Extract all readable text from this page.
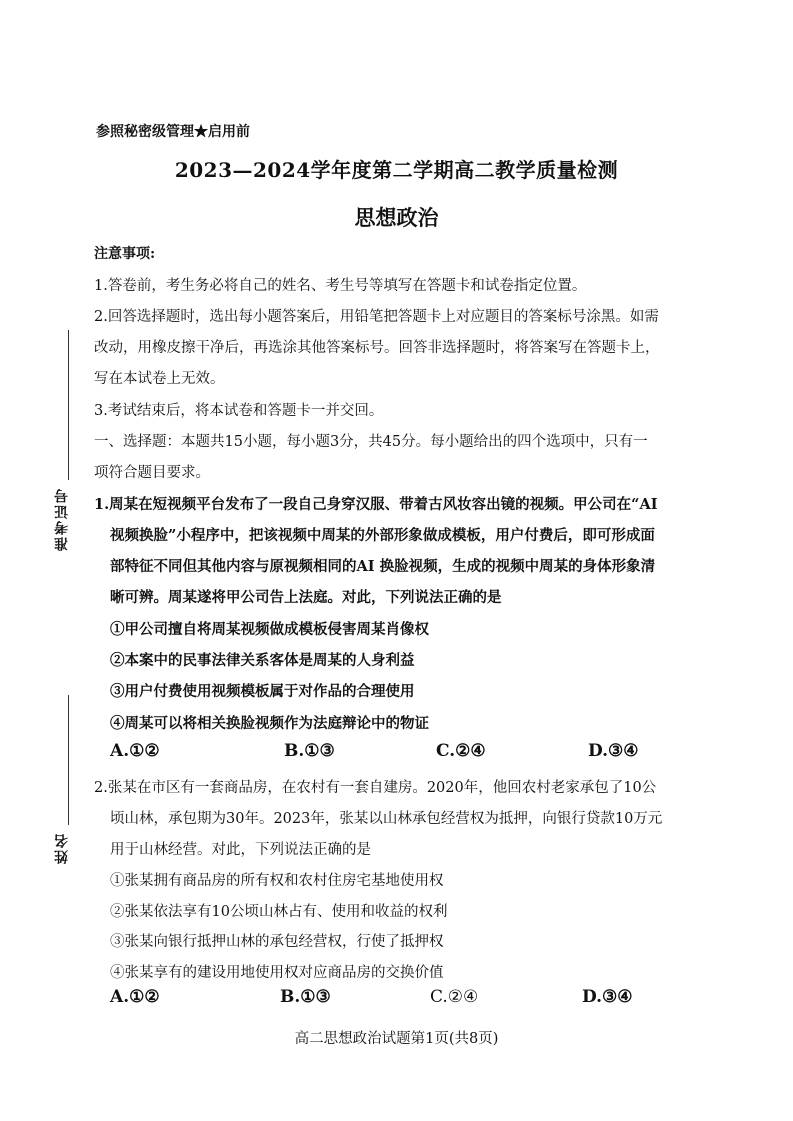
准考证号
姓名
参照秘密级管理★启用前
2023—2024学年度第二学期高二教学质量检测
思想政治
注意事项:
1.答卷前，考生务必将自己的姓名、考生号等填写在答题卡和试卷指定位置。
2.回答选择题时，选出每小题答案后，用铅笔把答题卡上对应题目的答案标号涂黑。如需
改动，用橡皮擦干净后，再选涂其他答案标号。回答非选择题时，将答案写在答题卡上，
写在本试卷上无效。
3.考试结束后，将本试卷和答题卡一并交回。
一、选择题：本题共15小题，每小题3分，共45分。每小题给出的四个选项中，只有一
项符合题目要求。
1.周某在短视频平台发布了一段自己身穿汉服、带着古风妆容出镜的视频。甲公司在“AI
视频换脸”小程序中，把该视频中周某的外部形象做成模板，用户付费后，即可形成面
部特征不同但其他内容与原视频相同的AI 换脸视频，生成的视频中周某的身体形象清
晰可辨。周某遂将甲公司告上法庭。对此，下列说法正确的是
①甲公司擅自将周某视频做成模板侵害周某肖像权
②本案中的民事法律关系客体是周某的人身利益
③用户付费使用视频模板属于对作品的合理使用
④周某可以将相关换脸视频作为法庭辩论中的物证
A.①②	B.①③	C.②④	D.③④
2.张某在市区有一套商品房，在农村有一套自建房。2020年，他回农村老家承包了10公
顷山林，承包期为30年。2023年，张某以山林承包经营权为抵押，向银行贷款10万元
用于山林经营。对此，下列说法正确的是
①张某拥有商品房的所有权和农村住房宅基地使用权
②张某依法享有10公顷山林占有、使用和收益的权利
③张某向银行抵押山林的承包经营权，行使了抵押权
④张某享有的建设用地使用权对应商品房的交换价值
A.①②	B.①③	C.②④	D.③④
高二思想政治试题第1页(共8页)
